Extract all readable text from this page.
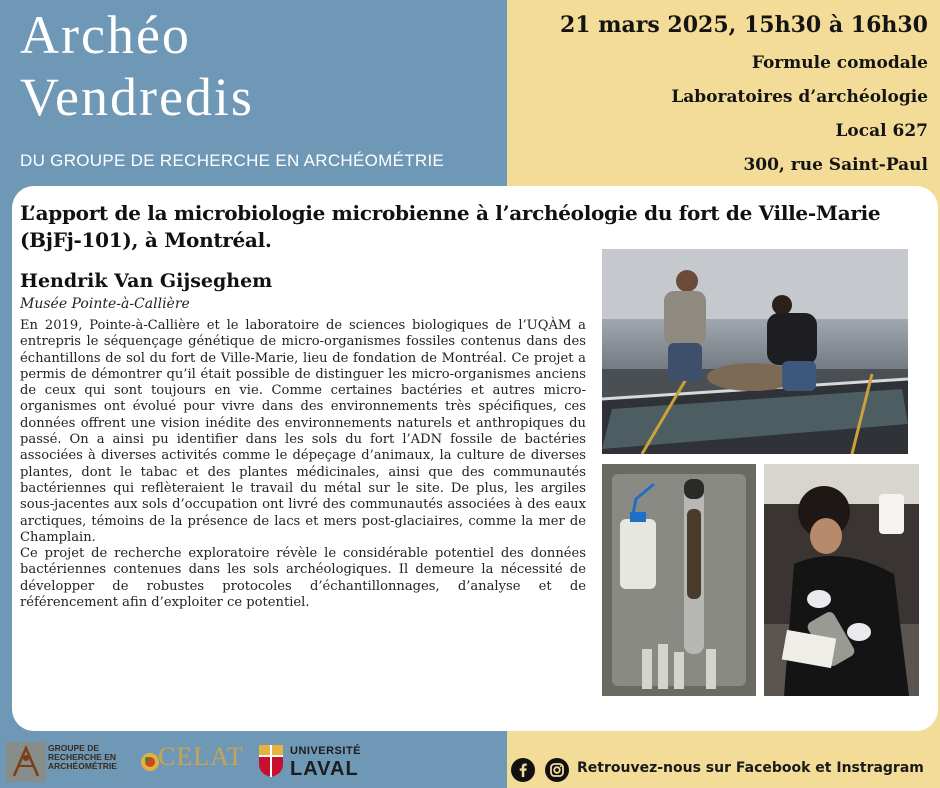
Archéo
Vendredis
DU GROUPE DE RECHERCHE EN ARCHÉOMÉTRIE
21 mars 2025, 15h30 à 16h30
Formule comodale
Laboratoires d’archéologie
Local 627
300, rue Saint-Paul
L’apport de la microbiologie microbienne à l’archéologie du fort de Ville-Marie (BjFj-101), à Montréal.
Hendrik Van Gijseghem
Musée Pointe-à-Callière

En 2019, Pointe-à-Callière et le laboratoire de sciences biologiques de l’UQÀM a entrepris le séquençage génétique de micro-organismes fossiles contenus dans des échantillons de sol du fort de Ville-Marie, lieu de fondation de Montréal. Ce projet a permis de démontrer qu’il était possible de distinguer les micro-organismes anciens de ceux qui sont toujours en vie. Comme certaines bactéries et autres micro-organismes ont évolué pour vivre dans des environnements très spécifiques, ces données offrent une vision inédite des environnements naturels et anthropiques du passé. On a ainsi pu identifier dans les sols du fort l’ADN fossile de bactéries associées à diverses activités comme le dépeçage d’animaux, la culture de diverses plantes, dont le tabac et des plantes médicinales, ainsi que des communautés bactériennes qui reflèteraient le travail du métal sur le site. De plus, les argiles sous-jacentes aux sols d’occupation ont livré des communautés associées à des eaux arctiques, témoins de la présence de lacs et mers post-glaciaires, comme la mer de Champlain.

Ce projet de recherche exploratoire révèle le considérable potentiel des données bactériennes contenues dans les sols archéologiques. Il demeure la nécessité de développer de robustes protocoles d’échantillonnages, d’analyse et de référencement afin d’exploiter ce potentiel.

GROUPE DE RECHERCHE EN ARCHÉOMÉTRIE CELAT	UNIVERSITÉ
LAVAL	Retrouvez-nous sur Facebook et Instragram
